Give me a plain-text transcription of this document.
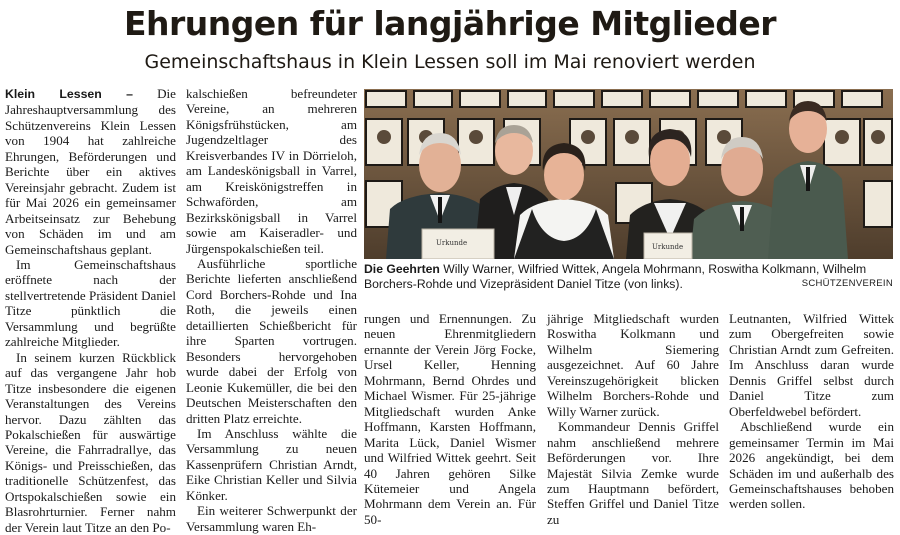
Ehrungen für langjährige Mitglieder
Gemeinschaftshaus in Klein Lessen soll im Mai renoviert werden

Klein Lessen – Die Jahreshauptversammlung des Schützenvereins Klein Lessen von 1904 hat zahlreiche Ehrungen, Beförderungen und Berichte über ein aktives Vereinsjahr gebracht. Zudem ist für Mai 2026 ein gemeinsamer Arbeitseinsatz zur Behebung von Schäden im und am Gemeinschaftshaus geplant.

Im Gemeinschaftshaus eröffnete nach der stellvertretende Präsident Daniel Titze pünktlich die Versammlung und begrüßte zahlreiche Mitglieder.

In seinem kurzen Rückblick auf das vergangene Jahr hob Titze insbesondere die eigenen Veranstaltungen des Vereins hervor. Dazu zählten das Pokalschießen für auswärtige Vereine, die Fahrradrallye, das Königs- und Preisschießen, das traditionelle Schützenfest, das Ortspokalschießen sowie ein Blasrohrturnier. Ferner nahm der Verein laut Titze an den Po-

kalschießen befreundeter Vereine, an mehreren Königsfrühstücken, am Jugendzeltlager des Kreisverbandes IV in Dörrieloh, am Landeskönigsball in Varrel, am Kreiskönigstreffen in Schwaförden, am Bezirkskönigsball in Varrel sowie am Kaiseradler- und Jürgenspokalschießen teil.

Ausführliche sportliche Berichte lieferten anschließend Cord Borchers-Rohde und Ina Roth, die jeweils einen detaillierten Schießbericht für ihre Sparten vortrugen. Besonders hervorgehoben wurde dabei der Erfolg von Leonie Kukemüller, die bei den Deutschen Meisterschaften den dritten Platz erreichte.

Im Anschluss wählte die Versammlung zu neuen Kassenprüfern Christian Arndt, Eike Christian Keller und Silvia Könker.

Ein weiterer Schwerpunkt der Versammlung waren Eh-

Urkunde	Urkunde
Die Geehrten Willy Warner, Wilfried Wittek, Angela Mohrmann, Roswitha Kolkmann, Wilhelm Borchers-Rohde und Vizepräsident Daniel Titze (von links).	SCHÜTZENVEREIN

rungen und Ernennungen. Zu neuen Ehrenmitgliedern ernannte der Verein Jörg Focke, Ursel Keller, Henning Mohrmann, Bernd Ohrdes und Michael Wismer. Für 25-jährige Mitgliedschaft wurden Anke Hoffmann, Karsten Hoffmann, Marita Lück, Daniel Wismer und Wilfried Wittek geehrt. Seit 40 Jahren gehören Silke Kütemeier und Angela Mohrmann dem Verein an. Für 50-

jährige Mitgliedschaft wurden Roswitha Kolkmann und Wilhelm Siemering ausgezeichnet. Auf 60 Jahre Vereinszugehörigkeit blicken Wilhelm Borchers-Rohde und Willy Warner zurück.

Kommandeur Dennis Griffel nahm anschließend mehrere Beförderungen vor. Ihre Majestät Silvia Zemke wurde zum Hauptmann befördert, Steffen Griffel und Daniel Titze zu

Leutnanten, Wilfried Wittek zum Obergefreiten sowie Christian Arndt zum Gefreiten. Im Anschluss daran wurde Dennis Griffel selbst durch Daniel Titze zum Oberfeldwebel befördert.

Abschließend wurde ein gemeinsamer Termin im Mai 2026 angekündigt, bei dem Schäden im und außerhalb des Gemeinschaftshauses behoben werden sollen.
